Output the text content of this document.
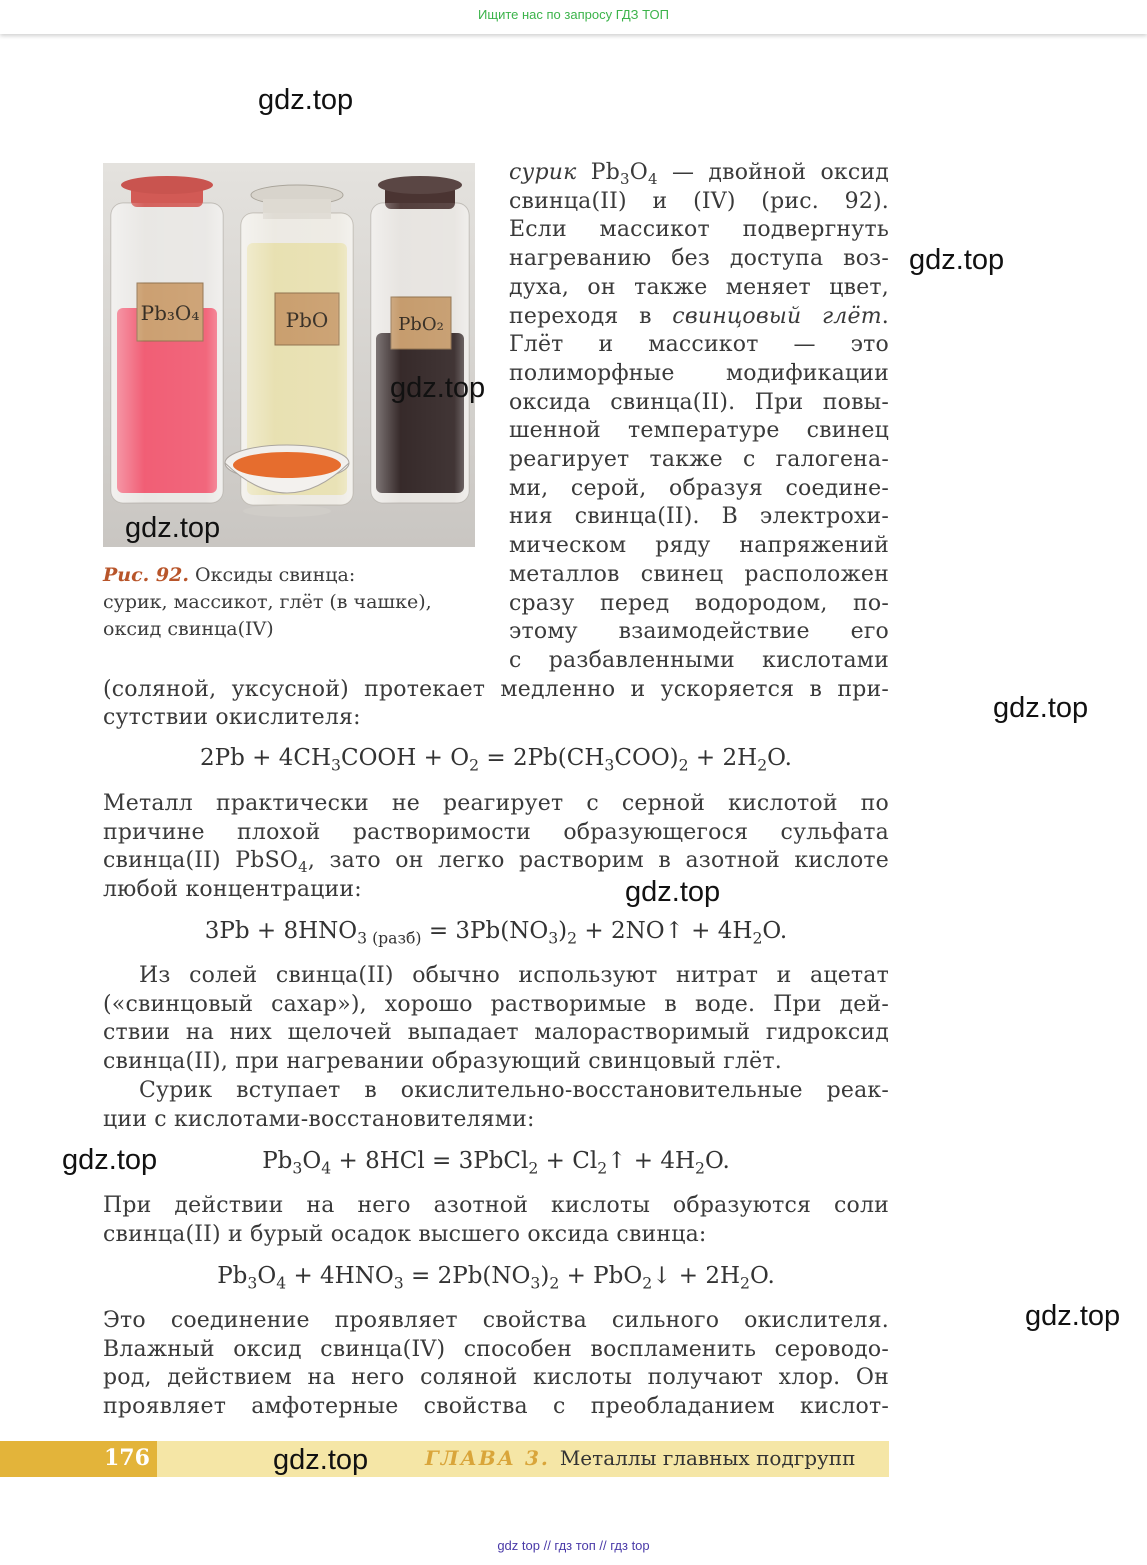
Ищите нас по запросу ГДЗ ТОП
gdz.top
gdz.top
gdz.top
gdz.top
gdz.top
gdz.top
gdz.top
gdz.top
gdz.top
Рис. 92. Оксиды свинца:
сурик, массикот, глёт (в чашке),
оксид свинца(IV)
сурик $Pb_3O_4$ — двойной оксид
свинца(II) и (IV) (рис. 92).
Если массикот подвергнуть
нагреванию без доступа воз-
духа, он также меняет цвет,
переходя в свинцовый глёт.
Глёт и массикот — это
полиморфные модификации
оксида свинца(II). При повы-
шенной температуре свинец
реагирует также с галогена-
ми, серой, образуя соедине-
ния свинца(II). В электрохи-
мическом ряду напряжений
металлов свинец расположен
сразу перед водородом, по-
этому взаимодействие его
с разбавленными кислотами
(соляной, уксусной) протекает медленно и ускоряется в при-
сутствии окислителя:
$2Pb + 4CH_3COOH + O_2 = 2Pb(CH_3COO)_2 + 2H_2O$.
Металл практически не реагирует с серной кислотой по
причине плохой растворимости образующегося сульфата
свинца(II) PbSO$_4$, зато он легко растворим в азотной кислоте
любой концентрации:
$3Pb + 8HNO_{3 (разб)} = 3Pb(NO_3)_2$ + 2NO↑ + $4H_2O$.
Из солей свинца(II) обычно используют нитрат и ацетат
(«свинцовый сахар»), хорошо растворимые в воде. При дей-
ствии на них щелочей выпадает малорастворимый гидроксид
свинца(II), при нагревании образующий свинцовый глёт.
Сурик вступает в окислительно-восстановительные реак-
ции с кислотами-восстановителями:
$Pb_3O_4 + 8HCl$ = 3PbCl$_2$ + $Cl_2↑ + 4H_2O$.
При действии на него азотной кислоты образуются соли
свинца(II) и бурый осадок высшего оксида свинца:
$Pb_3O_4 + 4HNO_3 = 2Pb(NO_3)_2$ + PbO$_2$↓ + $2H_2O$.
Это соединение проявляет свойства сильного окислителя.
Влажный оксид свинца(IV) способен воспламенить сероводо-
род, действием на него соляной кислоты получают хлор. Он
проявляет амфотерные свойства с преобладанием кислот-
176	ГЛАВА 3. Металлы главных подгрупп
gdz top // гдз топ // гдз top
